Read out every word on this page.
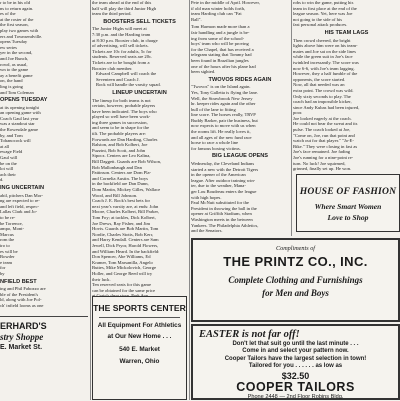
r to be in his old

ns to return again.

es of the

at the roster of the

the first season,

play two games with

ers and Townsendville.

opens Tuesday

ew series

yer in the second,

and Joe Bunch,

rowd, as usual,

wn to the game

ay a benefit game

on, the hand

ling is going

and Tom Coleman

OPENS TUESDAY

at its opening tonight

an opening game with

Coach Gaul last year

was a standout star

the Rowesdale game

by, and Tom

Tohanocock will

at all

ewage Field

Gaul will

be on the

lot will

ach their

d.

ING UNCERTAIN

abil, pitchers Dan Mor-

ng are expected to re-

and left field, respec-

Lallas Clark and Jo-

to be re-

be Torrence,

ampo, Mont-

Marcus

rom the

iro to

es will be

Bowder

e team

for

by

NFIELD BEST

ing and Phil Fabozzo are

ble of the President's

ld, along with Joe Pol-

ch' infield looms as one

ERHARD'S
stry Shoppe
E. Market St.

the team ahead at the end of this

half will play the third Junior High

team the third period.

BOOSTERS SELL TICKETS

The Junior Highs will meet at

7:30 p.m. and the Harding team

at 8:30 p.m. Booster club, in charge

of advertising, will sell tickets.

Tickets are 10c for adults, 5c for

students. Reserved seats are 20c.

Tickets are to be bought from a

Booster club member.

Edward Campbell will coach the

Seventeen and Coach J.

Rock will handle the varsity squad.

LINEUP UNCERTAIN

The lineup for both teams is not

certain, however, probable players

have been indicated. The boys who

played so well have been work-

ing three games in succession,

and seem to be in shape for the

tilt. The probable players are:

Forwards are Dan Harding, Charles

Ralston, and Bob Kolbert, Joe

Puzzini, Bob Scott, and John

Sipocz. Centers are Leo Kalina,

Bill Daggett. Guards are Bob Wilson,

Bob Mallonbaugh and Dan

Pattinson. Centers are Dom Pla-

and Cornelia Austin. The boys

in the backfield are Dan Dunn,

Dom Martin, Mickey Gilles, Wallace

Wood, and Bill Johnson.

Coach J. E. Rock's best bets for

next year's varsity are, at ends: John

Moore, Charles Kolbert, Bill Parker,

Tom Foy; at tackles, Dick Kolbert,

Joe Drews, Ray Fisher, and Jim

Hovis. Guards are Bob Martin, Tom

Nordie, Charles Stotts, Bob Kerr,

and Harry Kendall. Centers are Sam

Jewell, Dick Pryor, Harold Flowers,

and William Heard. In the backfield:

Don Spencer, Abe Williams, Ed

Kramer, Tom Marsanilla, Angelo

Buttes, Mike Mickolovich, George

Holler, and George Reed will try

their luck.

Ten reserved seats for this game

can be obtained for the same price

THE SPORTS CENTER
All Equipment For Athletics
at Our New Home . . .
540 E. Market
Warren, Ohio

Pete in the middle of April. However,

if old man winter holds forth,

team Harding club can "Fat

Ball".

Tom Harmon made more than a

fair handling and a jungle is be-

ing from some of the school-

boys' team who will be proving

for the Chapel, that has received a

telegram stating that Tommy had

been found in Brazilian jungles

one of the hours after his plane had

been sighted.

TWOVOS RIDES AGAIN

"Twovos" is on the Island again.

Yes, Tony Galletta is flying the lane.

Well, the Strawbrook New Jersey

hr. keeper rides again and the other

bull of the lane to fitting

line score. The horses really, TRVP

Buddy Barker, pair the business, but

now expects to move with us when

the rooms lift. He really loves it,

and all ages of the new fund race

horse to race a whole line

for famous boxing victims.

BIG LEAGUE OPENS

Wednesday, the Cleveland Indians

started a new with the Detroit Tigers

in the opener of the American

league. After outdoor training win-

ter, due to the weather, Mana-

ger Lou Boudreau enters the league

with high hopes.

Paul McNutt substituted for the

President in throwing the ball in the

opener at Griffith Stadium, when

Washington meets in the between

Yankees. The Philadelphia Athletics,

and the Senators.

robs to win the game, putting his

team in first place at the end of the

league season. Yet, here was Joe

not going to the side of his

fast personal attack produces.

HIS TEAM LAGS

Then crowd cheered, the bright

lights above him were on his team-

mates and Joe sat on the side lines

while the green suit in Joe's face

twinkled incessantly. The score was

now 6-6, with Joe's team lagging.

However, they a half fumble of the

opponents, the score started.

Now, all that needed was an

extra point. The crowd was wild.

Only sixty seconds to play. The

coach had an impossible kicker,

since Andy Kubas had been injured,

poor.

Joe looked eagerly at the coach.

He could not bear the sweat and its

pulse. The coach looked at Joe,

"Come on, Joe, run that point and

watch out for that player." "Jo-E-

Bike." They were closing in fast as

Joe's face remained. Joe fading

Joe's running for a nine-point re-

turn. No luck! Joe squirmed,

grinned, finally set up. He won.

HOUSE OF FASHION
Where Smart Women
Love to Shop
Compliments of
THE PRINTZ CO., INC.
Complete Clothing and Furnishings
for Men and Boys
EASTER is not far off!
Don't let that suit go until the last minute . . .
Come in and select your pattern now.
Cooper Tailors have the largest selection in town!
Tailored for you . . . . . . as low as
$32.50
COOPER TAILORS
Phone 2448 — 2nd Floor Robins Bldg.
